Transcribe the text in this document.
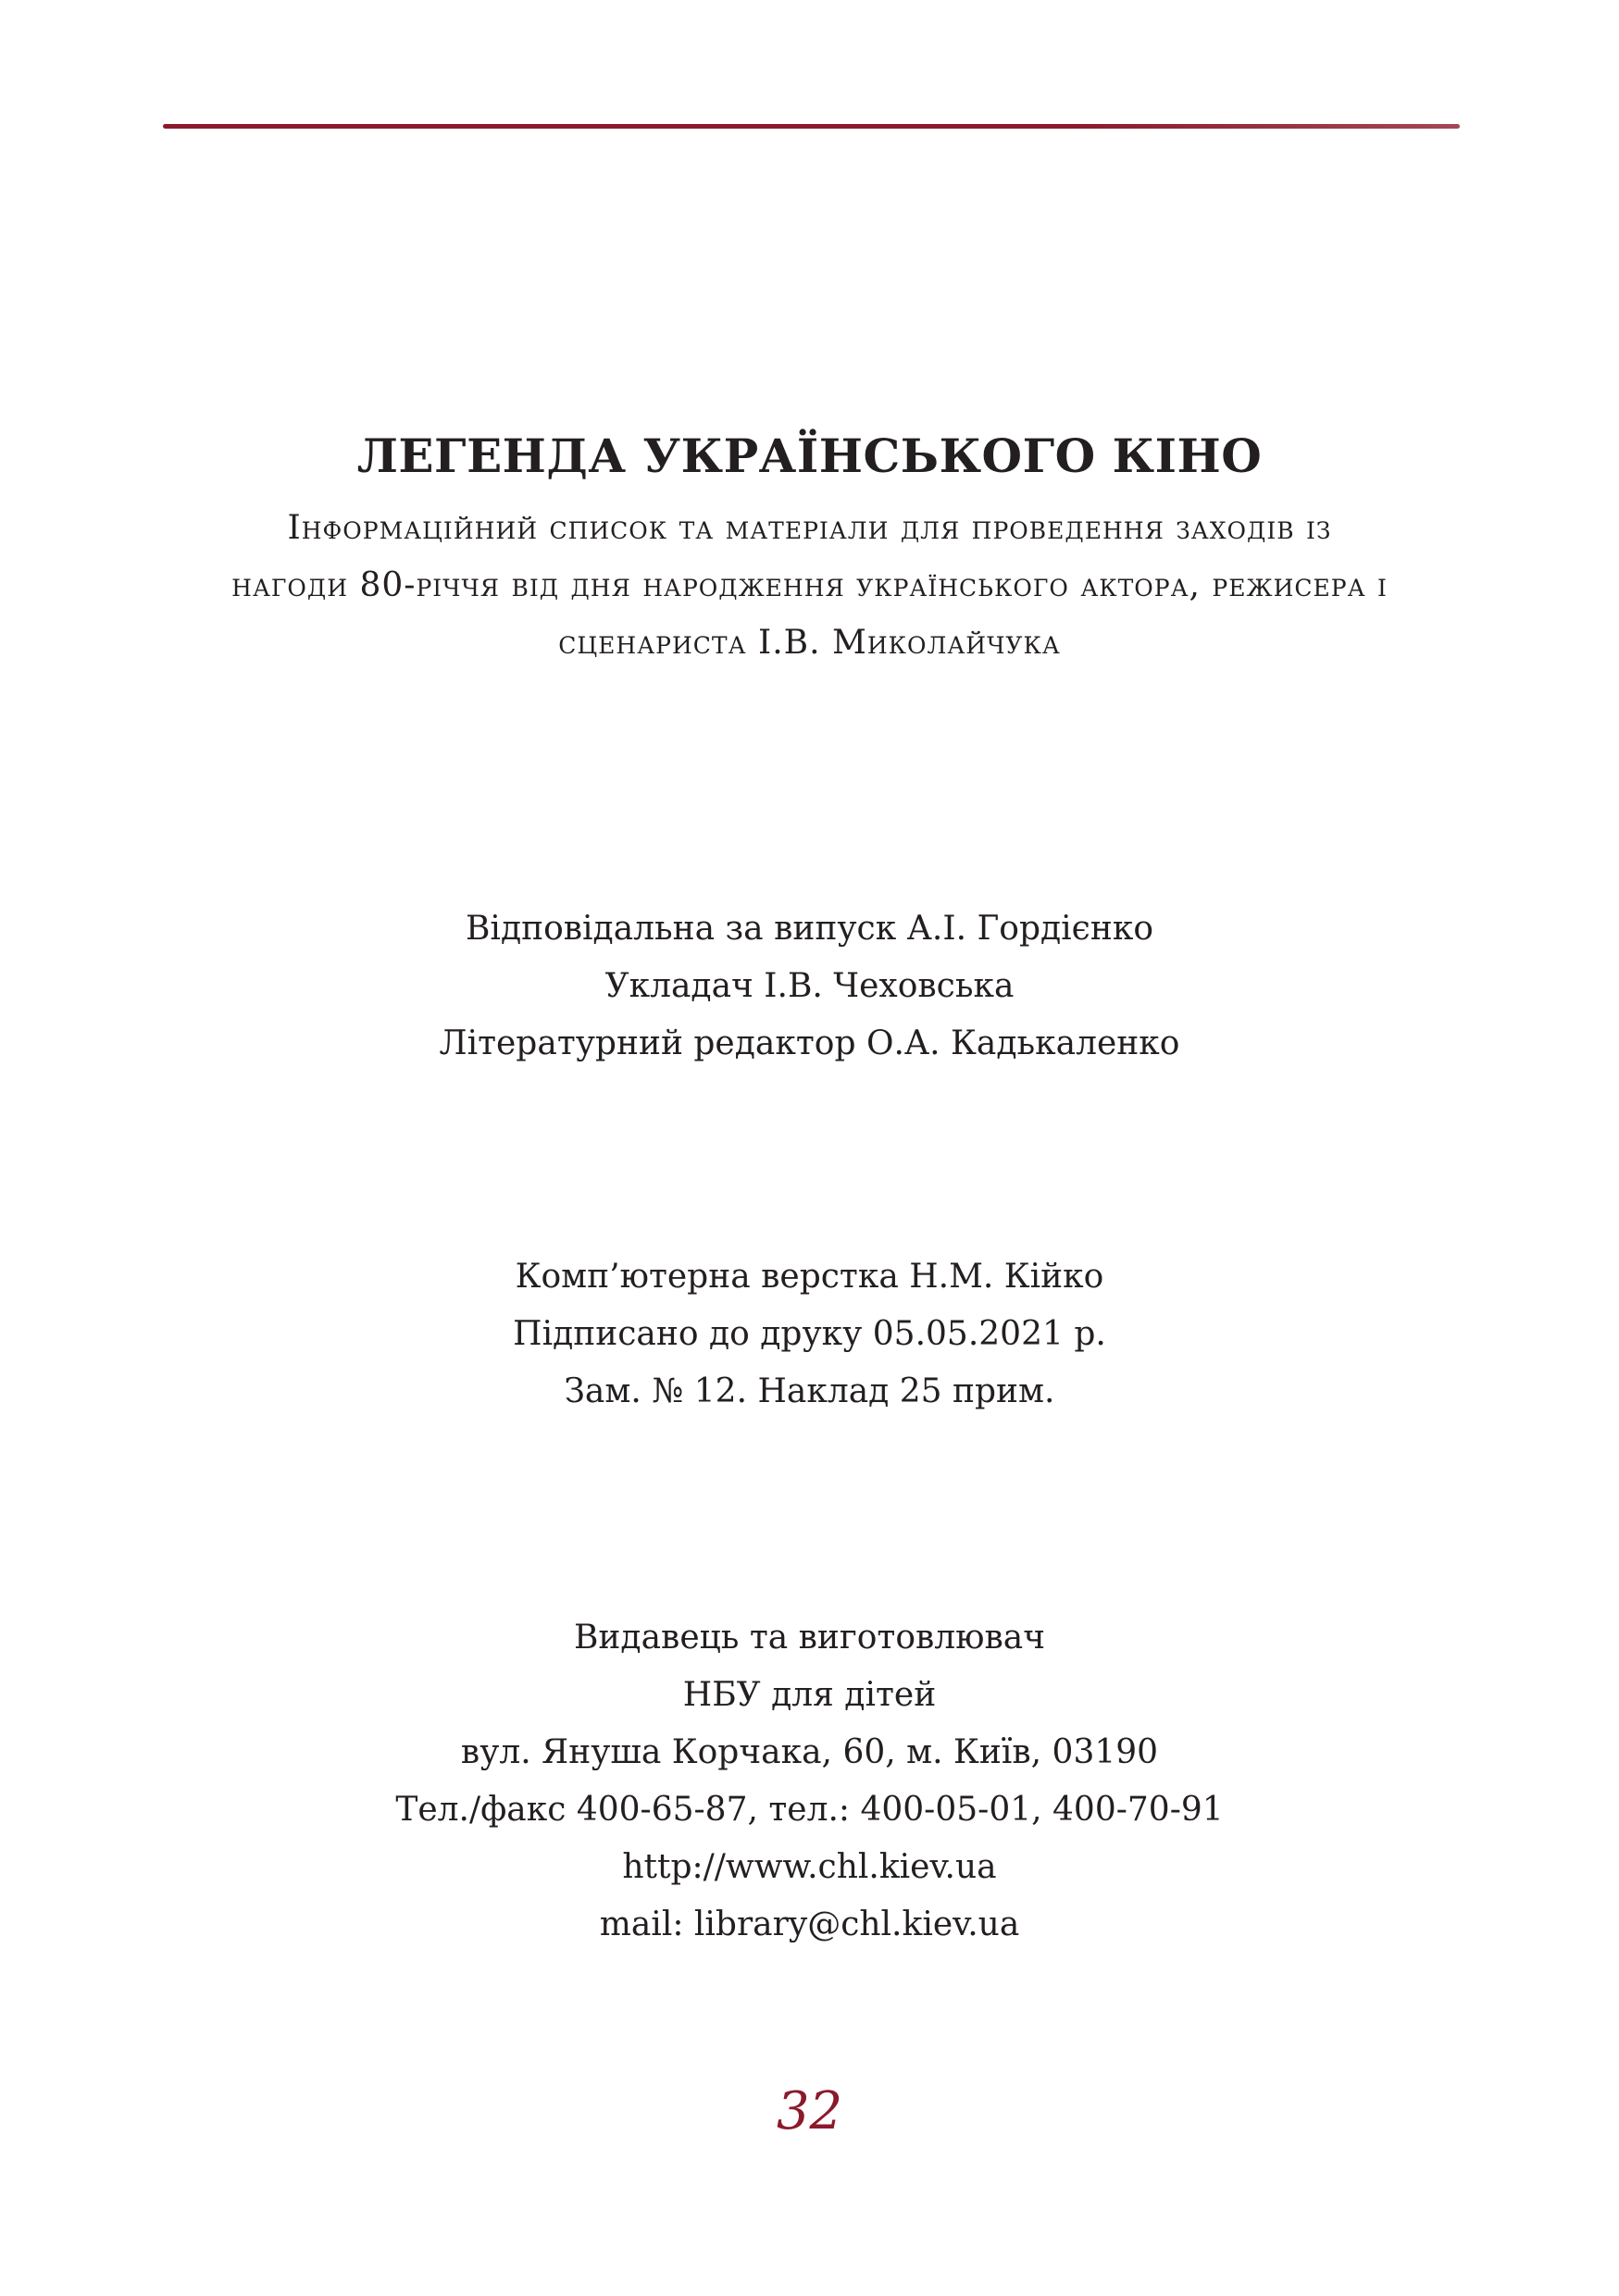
ЛЕГЕНДА УКРАЇНСЬКОГО КІНО
Інформаційний список та матеріали для проведення заходів із
нагоди 80-річчя від дня народження українського актора, режисера і
сценариста І.В. Миколайчука
Відповідальна за випуск А.І. Гордієнко
Укладач І.В. Чеховська
Літературний редактор О.А. Кадькаленко
Комп’ютерна верстка Н.М. Кійко
Підписано до друку 05.05.2021 р.
Зам. № 12. Наклад 25 прим.
Видавець та виготовлювач
НБУ для дітей
вул. Януша Корчака, 60, м. Київ, 03190
Тел./факс 400-65-87, тел.: 400-05-01, 400-70-91
http://www.chl.kiev.ua
mail: library@chl.kiev.ua
32
